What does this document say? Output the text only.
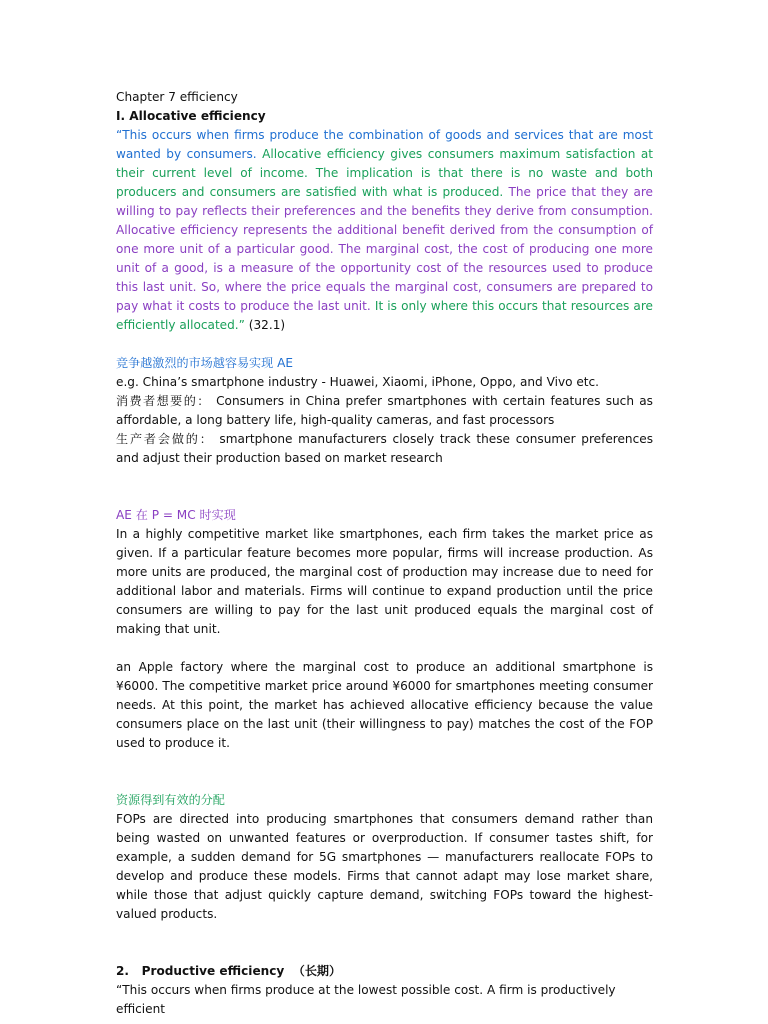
Chapter 7 efficiency

I. Allocative efficiency

“This occurs when firms produce the combination of goods and services that are most wanted by consumers. Allocative efficiency gives consumers maximum satisfaction at their current level of income. The implication is that there is no waste and both producers and consumers are satisfied with what is produced. The price that they are willing to pay reflects their preferences and the benefits they derive from consumption. Allocative efficiency represents the additional benefit derived from the consumption of one more unit of a particular good. The marginal cost, the cost of producing one more unit of a good, is a measure of the opportunity cost of the resources used to produce this last unit. So, where the price equals the marginal cost, consumers are prepared to pay what it costs to produce the last unit. It is only where this occurs that resources are efficiently allocated.” (32.1)

竞争越激烈的市场越容易实现 AE

e.g. China’s smartphone industry - Huawei, Xiaomi, iPhone, Oppo, and Vivo etc.

消费者想要的： Consumers in China prefer smartphones with certain features such as affordable, a long battery life, high-quality cameras, and fast processors

生产者会做的： smartphone manufacturers closely track these consumer preferences and adjust their production based on market research

AE 在 P = MC 时实现

In a highly competitive market like smartphones, each firm takes the market price as given. If a particular feature becomes more popular, firms will increase production. As more units are produced, the marginal cost of production may increase due to need for additional labor and materials. Firms will continue to expand production until the price consumers are willing to pay for the last unit produced equals the marginal cost of making that unit.

an Apple factory where the marginal cost to produce an additional smartphone is ¥6000. The competitive market price around ¥6000 for smartphones meeting consumer needs. At this point, the market has achieved allocative efficiency because the value consumers place on the last unit (their willingness to pay) matches the cost of the FOP used to produce it.

资源得到有效的分配

FOPs are directed into producing smartphones that consumers demand rather than being wasted on unwanted features or overproduction. If consumer tastes shift, for example, a sudden demand for 5G smartphones — manufacturers reallocate FOPs to develop and produce these models. Firms that cannot adapt may lose market share, while those that adjust quickly capture demand, switching FOPs toward the highest-valued products.

2.   Productive efficiency  （长期）

“This occurs when firms produce at the lowest possible cost. A firm is productively efficient
